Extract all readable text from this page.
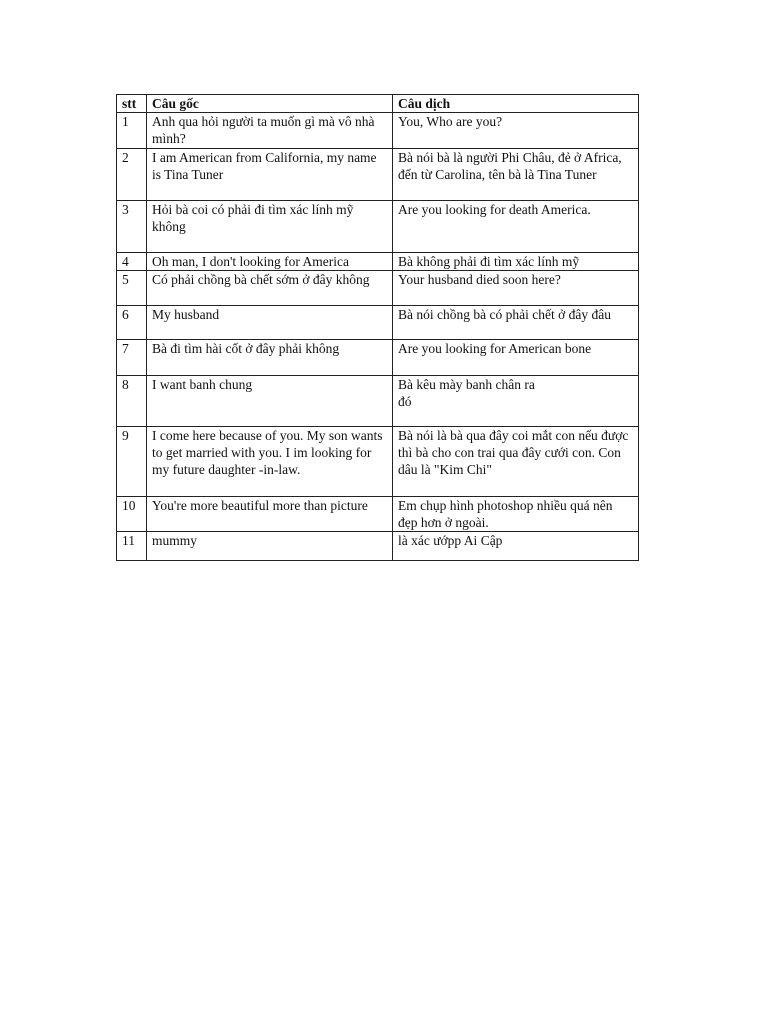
stt	Câu gốc	Câu dịch
1	Anh qua hỏi người ta muốn gì mà vô nhà mình?	You, Who are you?
2	I am American from California, my name is Tina Tuner	Bà nói bà là người Phi Châu, đẻ ở Africa, đến từ Carolina, tên bà là Tina Tuner
3	Hỏi bà coi có phải đi tìm xác lính mỹ không	Are you looking for death America.
4	Oh man, I don't looking for America	Bà không phải đi tìm xác lính mỹ
5	Có phải chồng bà chết sớm ở đây không	Your husband died soon here?
6	My husband	Bà nói chồng bà có phải chết ở đây đâu
7	Bà đi tìm hài cốt ở đây phải không	Are you looking for American bone
8	I want banh chung	Bà kêu mày banh chân ra
đó
9	I come here because of you. My son wants to get married with you. I im looking for my future daughter -in-law.	Bà nói là bà qua đây coi mắt con nếu được thì bà cho con trai qua đây cưới con. Con dâu là "Kim Chi"
10	You're more beautiful more than picture	Em chụp hình photoshop nhiều quá nên đẹp hơn ở ngoài.
11	mummy	là xác ướpp Ai Cập
